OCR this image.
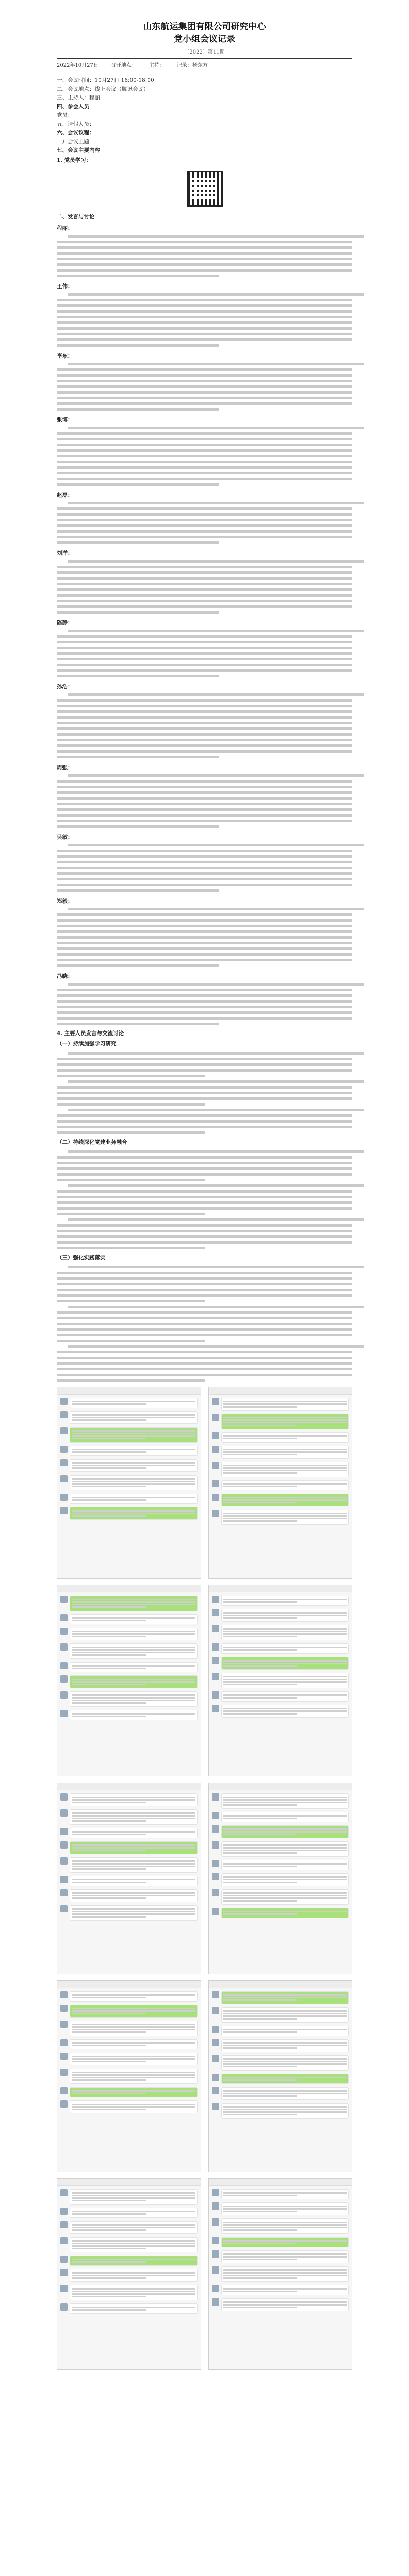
山东航运集团有限公司研究中心
党小组会议记录
〔2022〕第11期
2022年10月27日 召开地点： 主持： 记录：杨东方

一、会议时间：10月27日 16:00-18:00

二、会议地点：线上会议（腾讯会议）

三、主持人：程丽

四、参会人员

党员：

五、请假人员：

六、会议议程：

一）会议主题

七、会议主要内容

1. 党员学习：
二、发言与讨论
程丽：
王伟：
李东：
张博：
赵磊：
刘洋：
陈静：
孙浩：
周强：
吴敏：
郑毅：
冯晓：
4. 主要人员发言与交流讨论
（一）持续加强学习研究
（二）持续深化党建业务融合
（三）强化实践落实
